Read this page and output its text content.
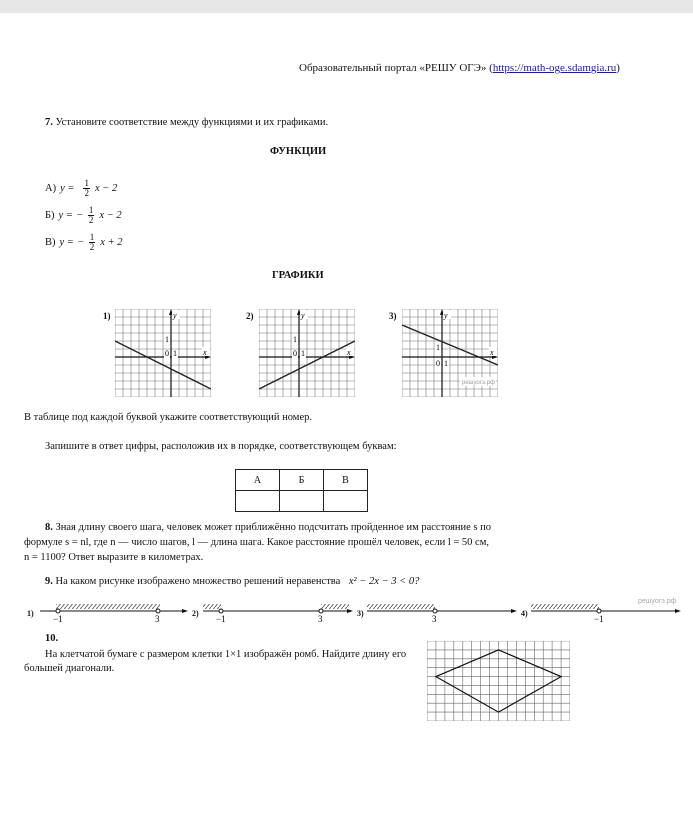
Образовательный портал «РЕШУ ОГЭ» (https://math-oge.sdamgia.ru)
7. Установите соответствие между функциями и их графиками.
ФУНКЦИИ
А) $y = \frac{1}{2}$ x − 2
Б) y = − $\frac{1}{2}$ x − 2
В) y = − $\frac{1}{2}$ x + 2
ГРАФИКИ
1)	y
1
0 1	x
2)	y
1
0 1	x
3)	y
1
0 1
x
решуогэ.рф
В таблице под каждой буквой укажите соответствующий номер.
Запишите в ответ цифры, расположив их в порядке, соответствующем буквам:
А	Б	В

8. Зная длину своего шага, человек может приближённо подсчитать пройденное им расстояние s по
формуле s = nl, где n — число шагов, l — длина шага. Какое расстояние прошёл человек, если l = 50 см,
n = 1100? Ответ выразите в километрах.
9. На каком рисунке изображено множество решений неравенства x² − 2x − 3 < 0?
решуогэ.рф
1)
−1	3
2)
−1	3
3)
3
4)
−1
10.
На клетчатой бумаге с размером клетки 1×1 изображён ромб. Найдите длину его большей диагонали.
